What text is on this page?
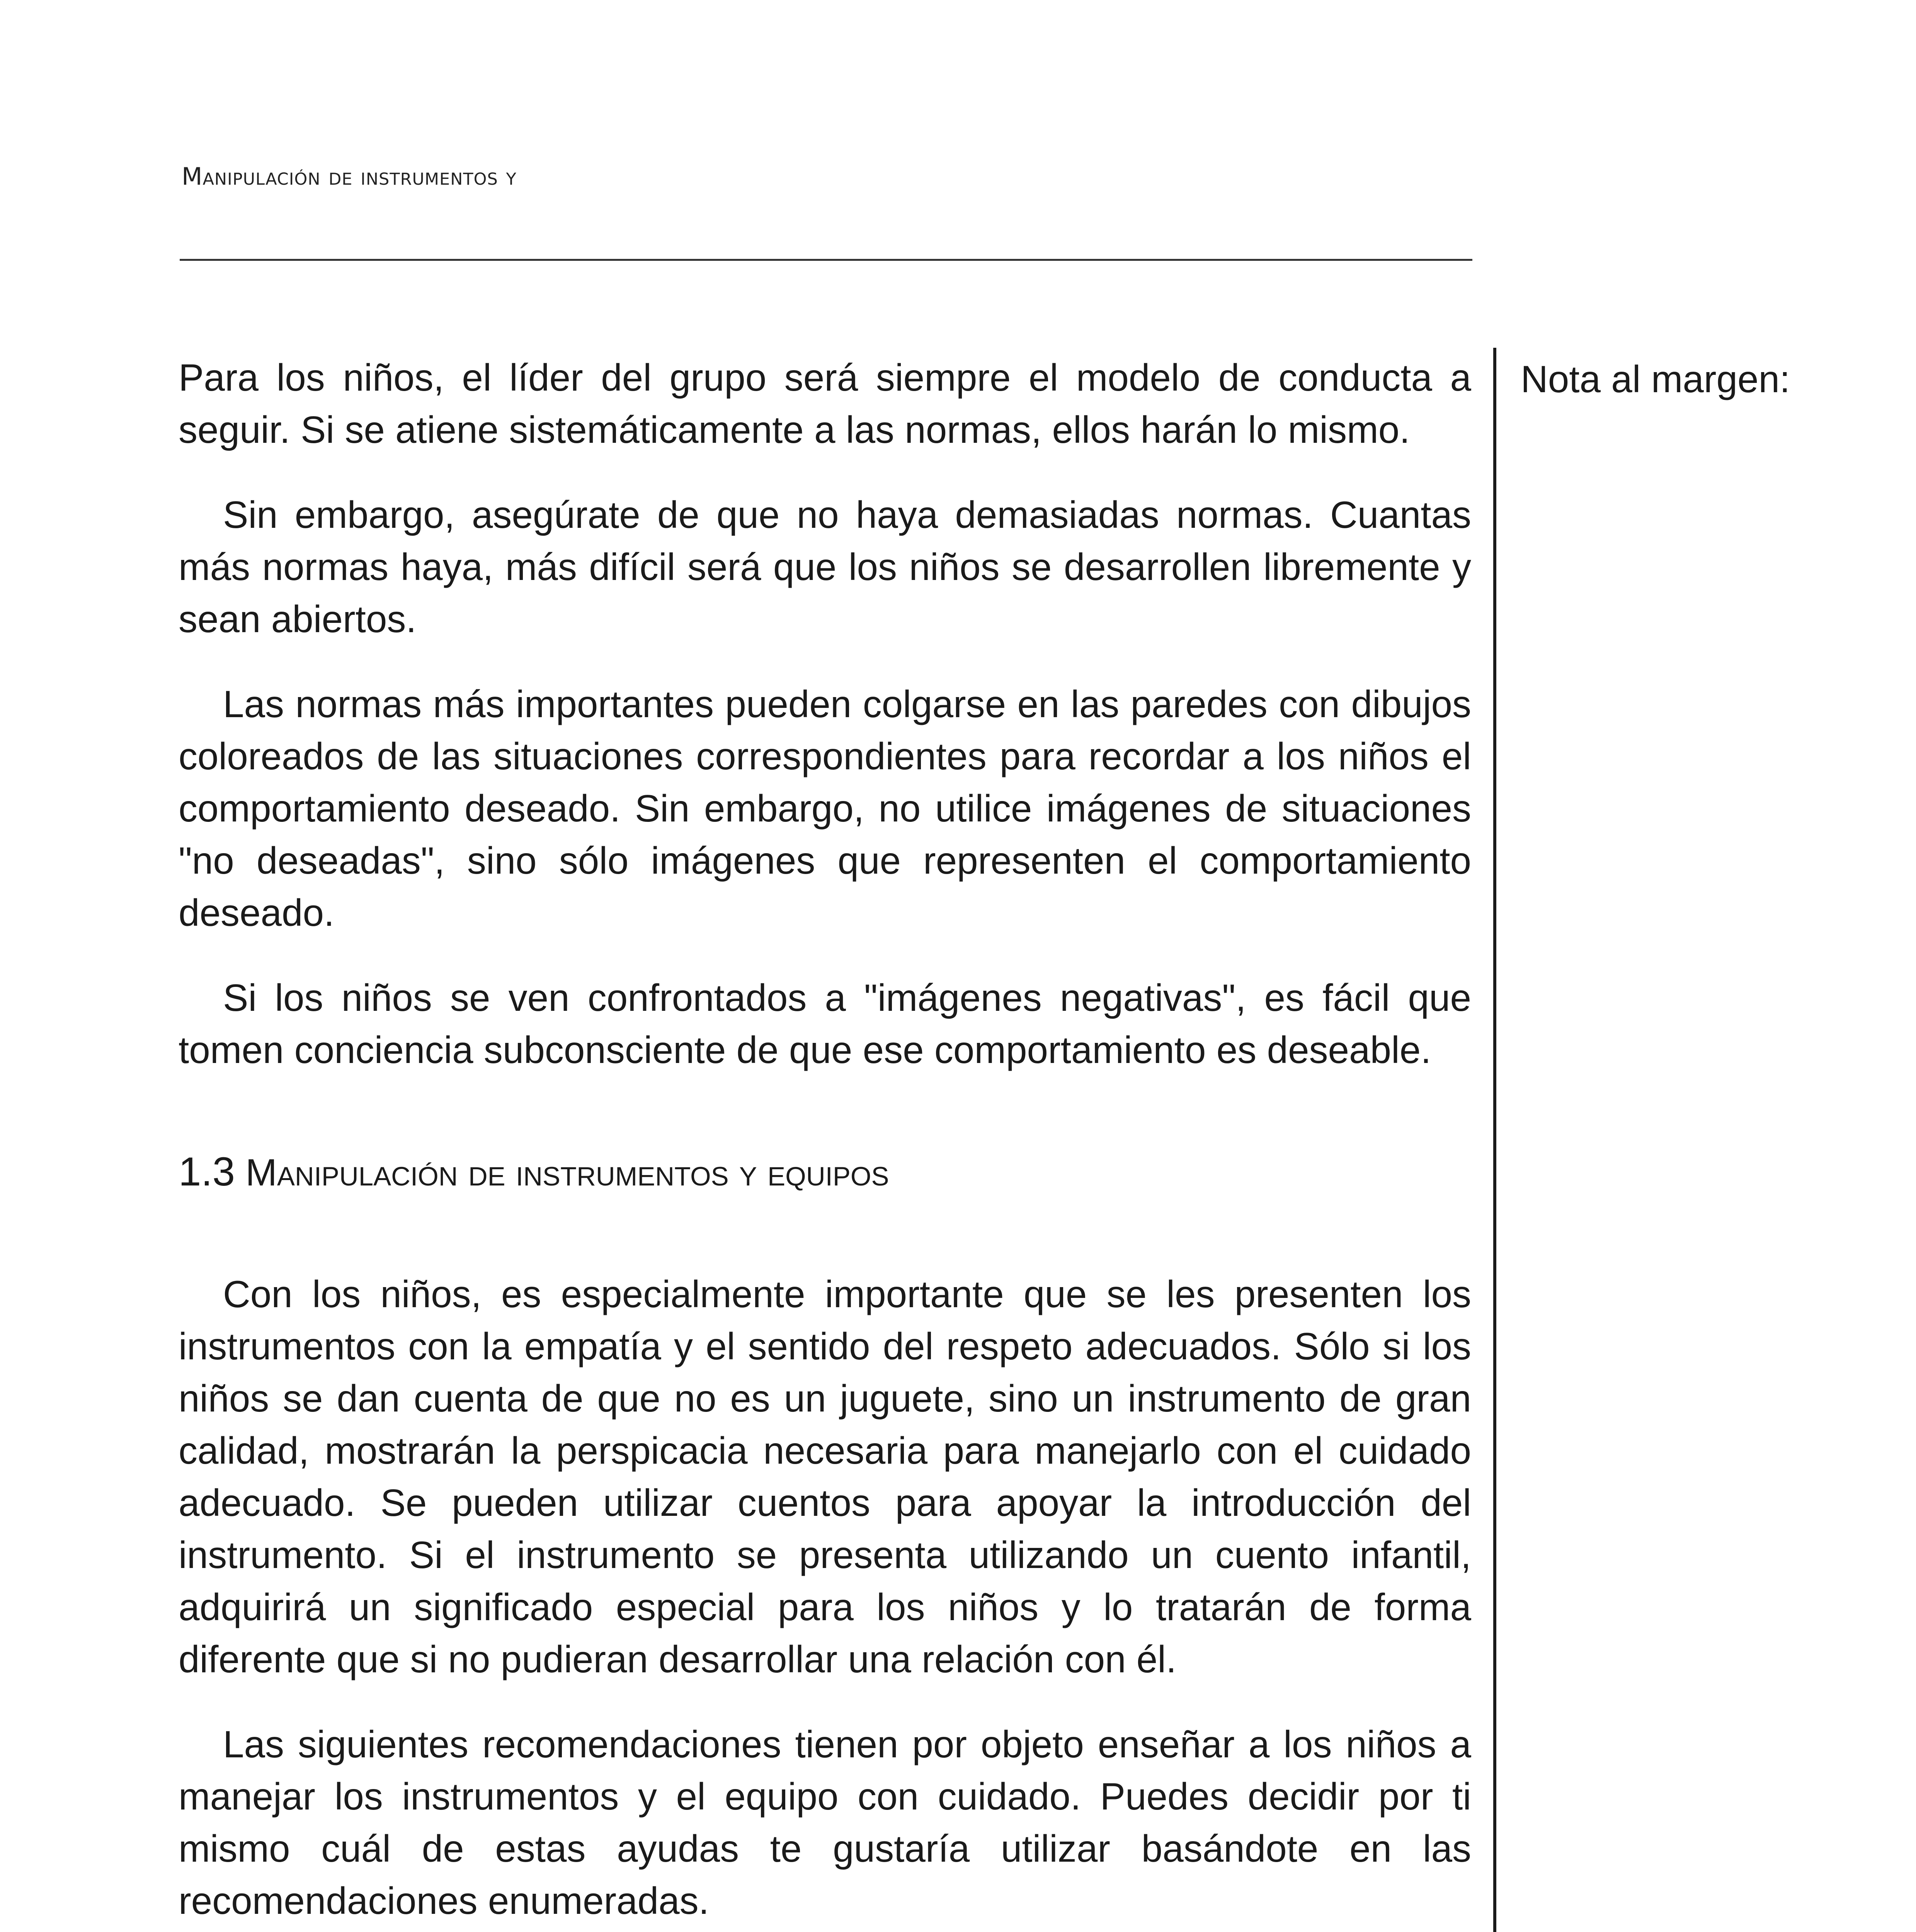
Manipulación de instrumentos y
Nota al margen:

Para los niños, el líder del grupo será siempre el modelo de conducta a seguir. Si se atiene sistemáticamente a las normas, ellos harán lo mismo.

Sin embargo, asegúrate de que no haya demasiadas normas. Cuantas más normas haya, más difícil será que los niños se desarrollen libremente y sean abiertos.

Las normas más importantes pueden colgarse en las paredes con dibujos coloreados de las situaciones correspondientes para recordar a los niños el comportamiento deseado. Sin embargo, no utilice imágenes de situaciones "no deseadas", sino sólo imágenes que representen el comportamiento deseado.

Si los niños se ven confrontados a "imágenes negativas", es fácil que tomen conciencia subconsciente de que ese comportamiento es deseable.

1.3 Manipulación de instrumentos y equipos

Con los niños, es especialmente importante que se les presenten los instrumentos con la empatía y el sentido del respeto adecuados. Sólo si los niños se dan cuenta de que no es un juguete, sino un instrumento de gran calidad, mostrarán la perspicacia necesaria para manejarlo con el cuidado adecuado. Se pueden utilizar cuentos para apoyar la introducción del instrumento. Si el instrumento se presenta utilizando un cuento infantil, adquirirá un significado especial para los niños y lo tratarán de forma diferente que si no pudieran desarrollar una relación con él.

Las siguientes recomendaciones tienen por objeto enseñar a los niños a manejar los instrumentos y el equipo con cuidado. Puedes decidir por ti mismo cuál de estas ayudas te gustaría utilizar basándote en las recomendaciones enumeradas.
